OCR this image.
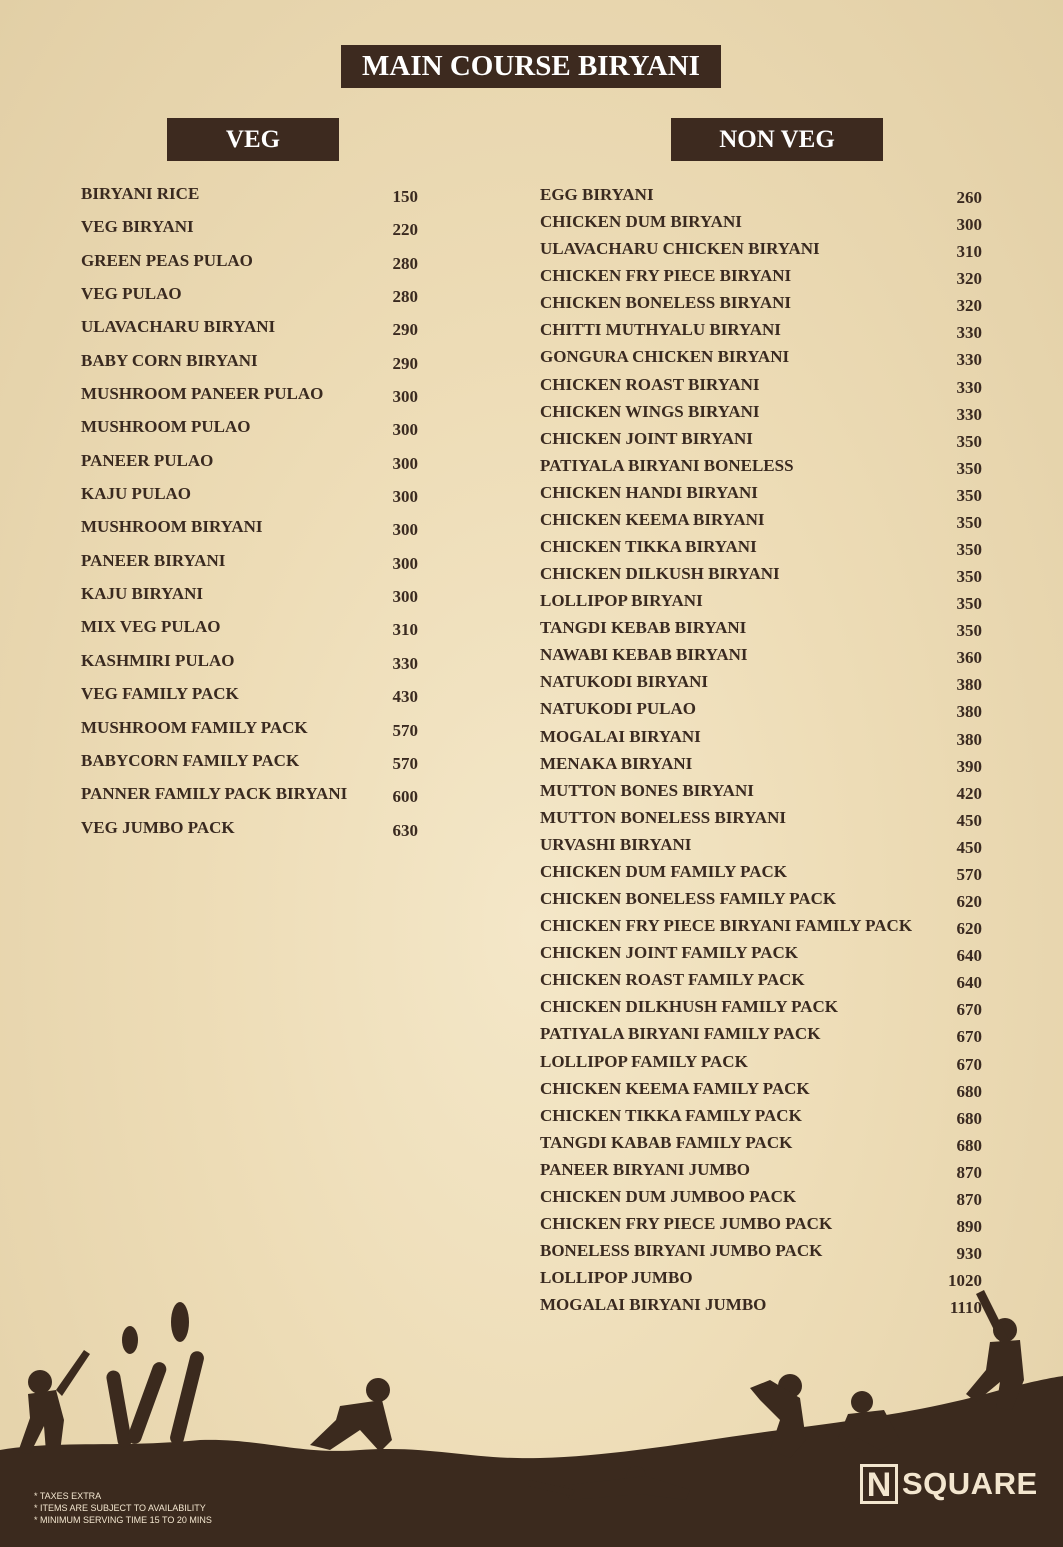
MAIN COURSE BIRYANI
VEG	NON VEG
BIRYANI RICE	150
VEG BIRYANI	220
GREEN PEAS PULAO	280
VEG PULAO	280
ULAVACHARU BIRYANI	290
BABY CORN BIRYANI	290
MUSHROOM PANEER PULAO	300
MUSHROOM PULAO	300
PANEER PULAO	300
KAJU PULAO	300
MUSHROOM BIRYANI	300
PANEER BIRYANI	300
KAJU BIRYANI	300
MIX VEG PULAO	310
KASHMIRI PULAO	330
VEG FAMILY PACK	430
MUSHROOM FAMILY PACK	570
BABYCORN FAMILY PACK	570
PANNER FAMILY PACK BIRYANI	600
VEG JUMBO PACK	630
EGG BIRYANI	260
CHICKEN DUM BIRYANI	300
ULAVACHARU CHICKEN BIRYANI	310
CHICKEN FRY PIECE BIRYANI	320
CHICKEN BONELESS BIRYANI	320
CHITTI MUTHYALU BIRYANI	330
GONGURA CHICKEN BIRYANI	330
CHICKEN ROAST BIRYANI	330
CHICKEN WINGS BIRYANI	330
CHICKEN JOINT BIRYANI	350
PATIYALA BIRYANI BONELESS	350
CHICKEN HANDI BIRYANI	350
CHICKEN KEEMA BIRYANI	350
CHICKEN TIKKA BIRYANI	350
CHICKEN DILKUSH BIRYANI	350
LOLLIPOP BIRYANI	350
TANGDI KEBAB BIRYANI	350
NAWABI KEBAB BIRYANI	360
NATUKODI BIRYANI	380
NATUKODI PULAO	380
MOGALAI BIRYANI	380
MENAKA BIRYANI	390
MUTTON BONES BIRYANI	420
MUTTON BONELESS BIRYANI	450
URVASHI BIRYANI	450
CHICKEN DUM FAMILY PACK	570
CHICKEN BONELESS FAMILY PACK	620
CHICKEN FRY PIECE BIRYANI FAMILY PACK	620
CHICKEN JOINT FAMILY PACK	640
CHICKEN ROAST FAMILY PACK	640
CHICKEN DILKHUSH FAMILY PACK	670
PATIYALA BIRYANI FAMILY PACK	670
LOLLIPOP FAMILY PACK	670
CHICKEN KEEMA FAMILY PACK	680
CHICKEN TIKKA FAMILY PACK	680
TANGDI KABAB FAMILY PACK	680
PANEER BIRYANI JUMBO	870
CHICKEN DUM JUMBOO PACK	870
CHICKEN FRY PIECE JUMBO PACK	890
BONELESS BIRYANI JUMBO PACK	930
LOLLIPOP JUMBO	1020
MOGALAI BIRYANI JUMBO	1110
* TAXES EXTRA
* ITEMS ARE SUBJECT TO AVAILABILITY
* MINIMUM SERVING TIME 15 TO 20 MINS
N SQUARE
